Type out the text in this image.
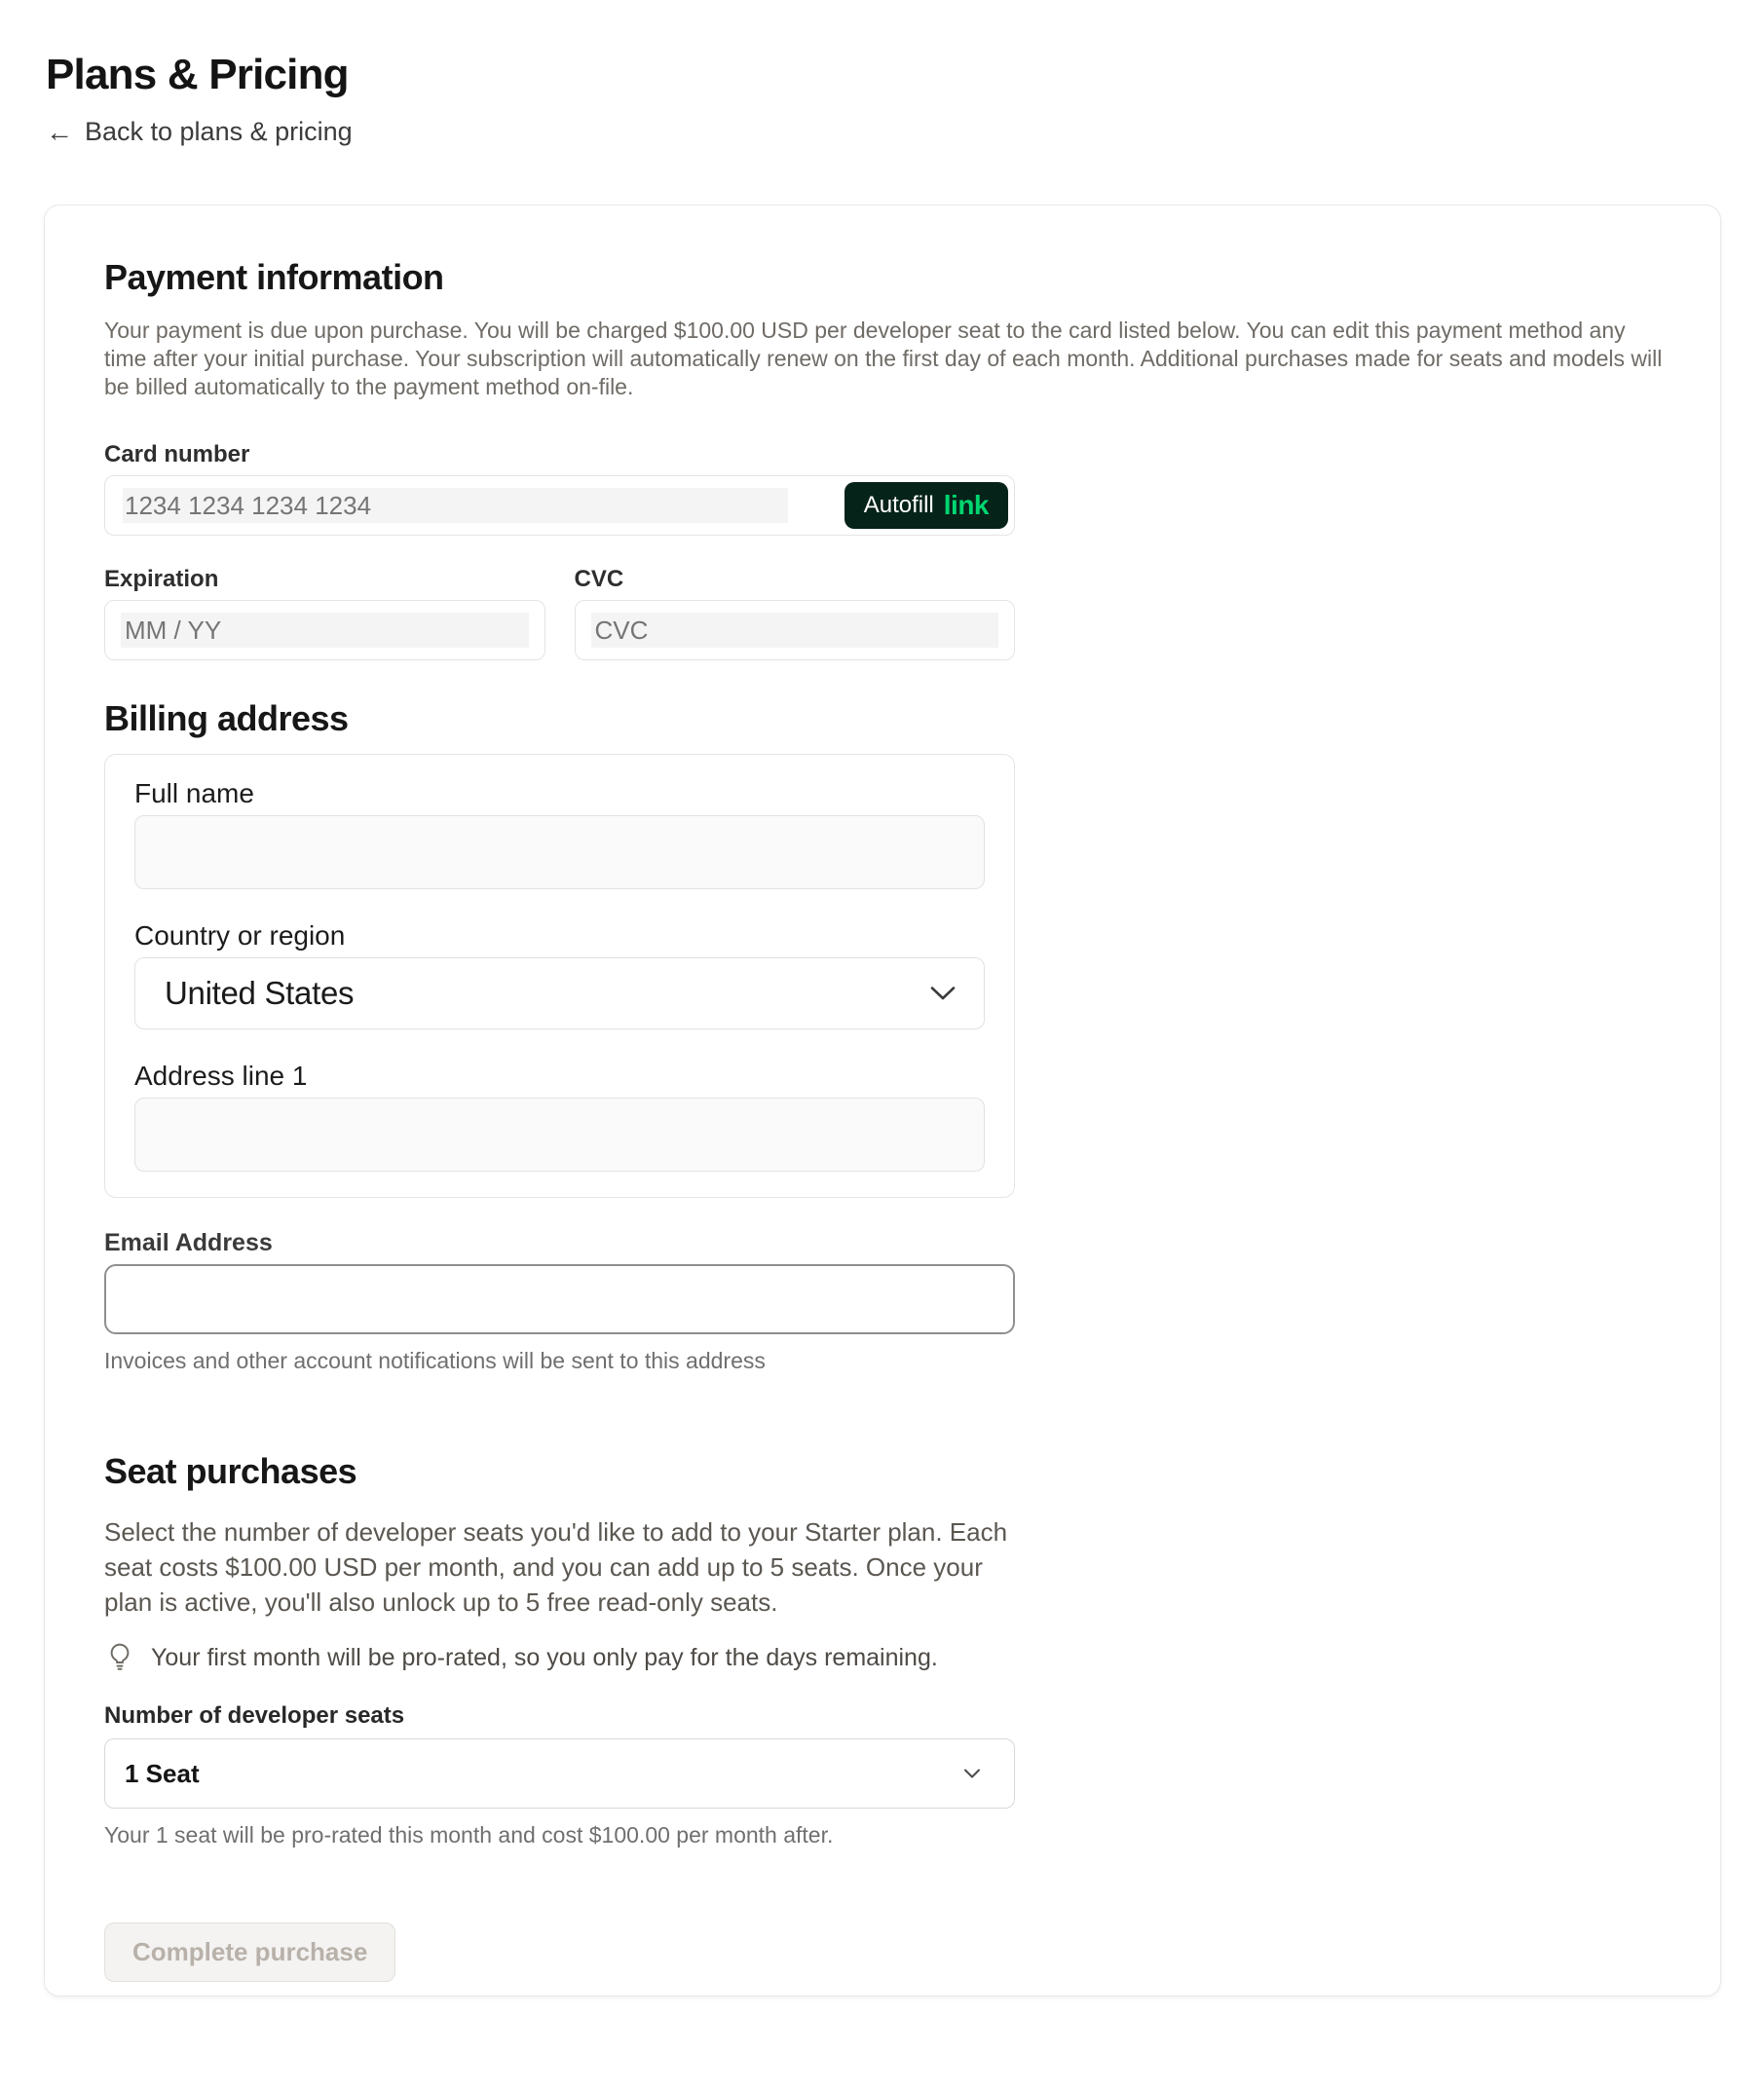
Plans & Pricing
← Back to plans & pricing
Payment information

Your payment is due upon purchase. You will be charged $100.00 USD per developer seat to the card listed below. You can edit this payment method any time after your initial purchase. Your subscription will automatically renew on the first day of each month. Additional purchases made for seats and models will be billed automatically to the payment method on-file.

Card number
1234 1234 1234 1234
Autofill link
Expiration
MM / YY	CVC
CVC
Billing address
Full name
Country or region
United States
Address line 1
Email Address

Invoices and other account notifications will be sent to this address

Seat purchases

Select the number of developer seats you'd like to add to your Starter plan. Each seat costs $100.00 USD per month, and you can add up to 5 seats. Once your plan is active, you'll also unlock up to 5 free read-only seats.

Your first month will be pro-rated, so you only pay for the days remaining.
Number of developer seats
1 Seat

Your 1 seat will be pro-rated this month and cost $100.00 per month after.

Complete purchase
